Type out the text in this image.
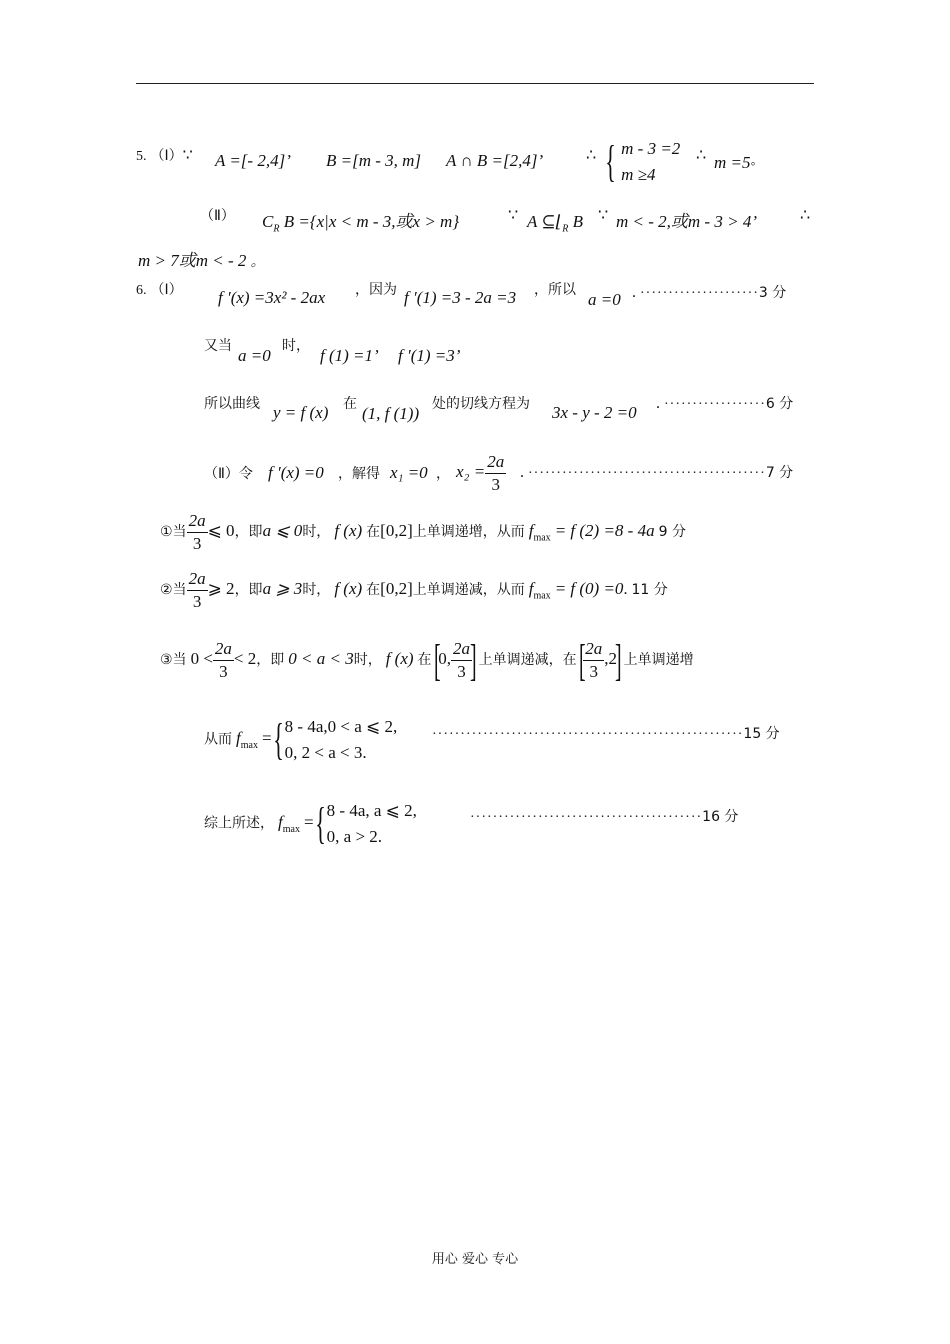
5. （Ⅰ）∵ A =[- 2,4]’ B =[m - 3, m] A ∩ B =[2,4]’	∴ { m - 3 =2
m ≥4
∴ m =5◦
（Ⅱ） $C_R$ B ={x|x < m - 3,或x > m}	∵ A $⊆⌊_R$ B ∵ m < - 2,或m - 3 > 4’	∴
m > 7或m < - 2 。
6. （Ⅰ） f ′(x) =3x² - 2ax ，因为 f ′(1) =3 - 2a =3 ，所以 a =0 . ·····················3 分
又当 a =0 时， f (1) =1’ f ′(1) =3’
所以曲线 y = f (x) 在 (1, f (1)) 处的切线方程为 3x - y - 2 =0 . ··················6 分
（Ⅱ）令 f ′(x) =0 ，解得 x₁ =0 ， $x_2 = \frac{2a}{3}$ . ··········································7 分
①当 $\frac{2a}{3}$ ⩽ 0，即a ⩽ 0时， f (x) 在[0,2]上单调递增，从而 $f_{max} = f$ (2) =8 - 4a 9 分
②当 $\frac{2a}{3}$ ⩾ 2，即a ⩾ 3时， f (x) 在[0,2]上单调递减，从而 $f_{max} = f$ (0) =0. 11 分
③当 $0 < \frac{2a}{3} < 2$，即 0 < a < 3时， f (x) 在 [0, $\frac{2a}{3}$
] 上单调递减，在 [
$\frac{2a}{3} ,2$] 上单调递增
从而 $f_{max}$ ={ 8 - 4a,0 < a ⩽ 2,
0, 2 < a < 3.
·······················································15 分
综上所述， $f_{max}$ ={ 8 - 4a, a ⩽ 2,
0, a > 2.
·········································16 分
用心 爱心 专心
